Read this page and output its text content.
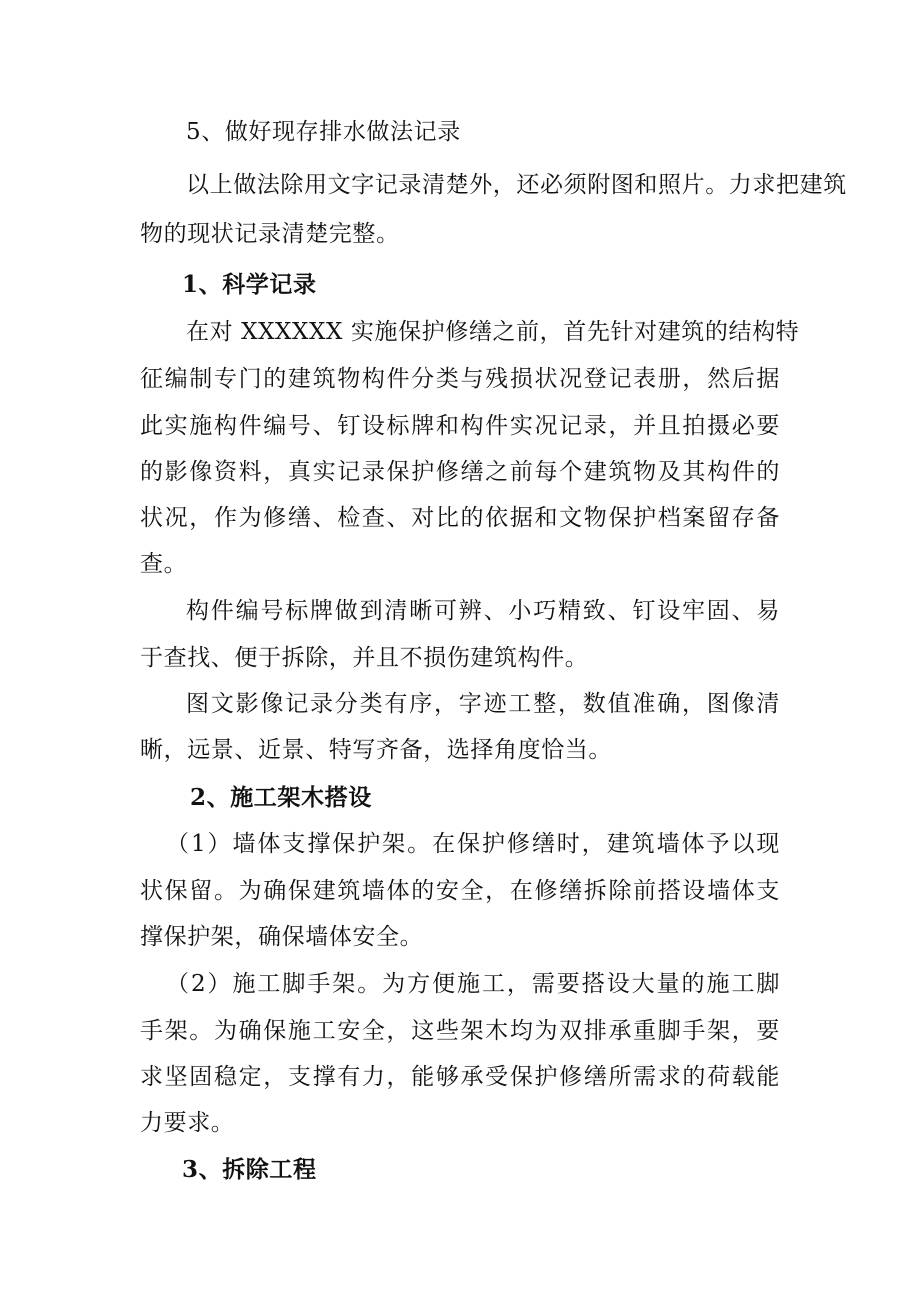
5、做好现存排水做法记录
以上做法除用文字记录清楚外，还必须附图和照片。力求把建筑
物的现状记录清楚完整。
1、科学记录
在对 XXXXXX 实施保护修缮之前，首先针对建筑的结构特
征编制专门的建筑物构件分类与残损状况登记表册，然后据
此实施构件编号、钉设标牌和构件实况记录，并且拍摄必要
的影像资料，真实记录保护修缮之前每个建筑物及其构件的
状况，作为修缮、检查、对比的依据和文物保护档案留存备
查。
构件编号标牌做到清晰可辨、小巧精致、钉设牢固、易
于查找、便于拆除，并且不损伤建筑构件。
图文影像记录分类有序，字迹工整，数值准确，图像清
晰，远景、近景、特写齐备，选择角度恰当。
2、施工架木搭设
（1）墙体支撑保护架。在保护修缮时，建筑墙体予以现
状保留。为确保建筑墙体的安全，在修缮拆除前搭设墙体支
撑保护架，确保墙体安全。
（2）施工脚手架。为方便施工，需要搭设大量的施工脚
手架。为确保施工安全，这些架木均为双排承重脚手架，要
求坚固稳定，支撑有力，能够承受保护修缮所需求的荷载能
力要求。
3、拆除工程
